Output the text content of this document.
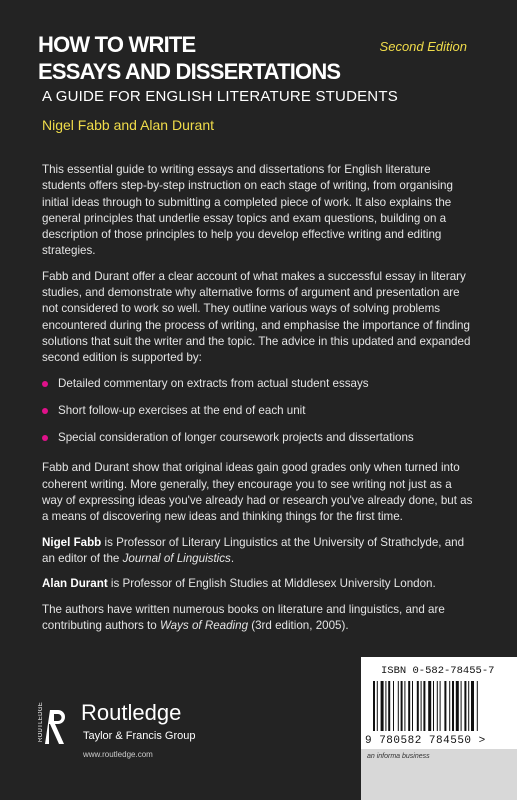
HOW TO WRITE
ESSAYS AND DISSERTATIONS
Second Edition
A GUIDE FOR ENGLISH LITERATURE STUDENTS
Nigel Fabb and Alan Durant

This essential guide to writing essays and dissertations for English literature students offers step-by-step instruction on each stage of writing, from organising initial ideas through to submitting a completed piece of work. It also explains the general principles that underlie essay topics and exam questions, building on a description of those principles to help you develop effective writing and editing strategies.

Fabb and Durant offer a clear account of what makes a successful essay in literary studies, and demonstrate why alternative forms of argument and presentation are not considered to work so well. They outline various ways of solving problems encountered during the process of writing, and emphasise the importance of finding solutions that suit the writer and the topic. The advice in this updated and expanded second edition is supported by:

Detailed commentary on extracts from actual student essays
Short follow-up exercises at the end of each unit
Special consideration of longer coursework projects and dissertations

Fabb and Durant show that original ideas gain good grades only when turned into coherent writing. More generally, they encourage you to see writing not just as a way of expressing ideas you've already had or research you've already done, but as a means of discovering new ideas and thinking things for the first time.

Nigel Fabb is Professor of Literary Linguistics at the University of Strathclyde, and an editor of the Journal of Linguistics.

Alan Durant is Professor of English Studies at Middlesex University London.

The authors have written numerous books on literature and linguistics, and are contributing authors to Ways of Reading (3rd edition, 2005).

ROUTLEDGE Routledge
Taylor & Francis Group
www.routledge.com
ISBN 0-582-78455-7
9 780582 784550 >
an informa business
